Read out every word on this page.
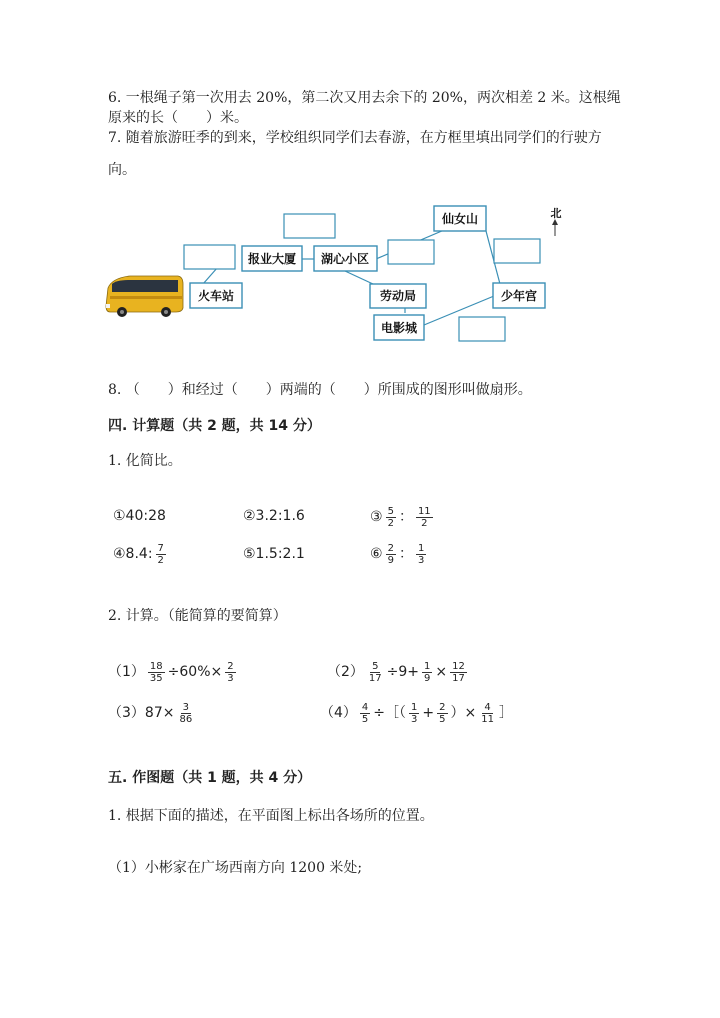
6. 一根绳子第一次用去 20%，第二次又用去余下的 20%，两次相差 2 米。这根绳
原来的长（　　）米。
7. 随着旅游旺季的到来，学校组织同学们去春游，在方框里填出同学们的行驶方
向。
报业大厦 湖心小区
仙女山
火车站	劳动局	少年宫
电影城
北
8. （　　）和经过（　　）两端的（　　）所围成的图形叫做扇形。
四. 计算题（共 2 题，共 14 分）
1. 化简比。
①40:28	②3.2:1.6	③ $\frac{5}{2}$ ： $\frac{11}{2}$
④8.4: $\frac{7}{2}$	⑤1.5:2.1	⑥ $\frac{2}{9}$ ： $\frac{1}{3}$
2. 计算。（能简算的要简算）
$(1) \frac{18}{35} \div 60\%\times \frac{2}{3}$	$(2) \frac{5}{17} \div 9+ \frac{1}{9} \times \frac{12}{17}$
$(3)87\times \frac{3}{86}$	$(4) \frac{4}{5}$ ÷［（ $\frac{1}{3} + \frac{2}{5}$ ）× $\frac{4}{11}$ ］
五. 作图题（共 1 题，共 4 分）
1. 根据下面的描述，在平面图上标出各场所的位置。
（1）小彬家在广场西南方向 1200 米处;
